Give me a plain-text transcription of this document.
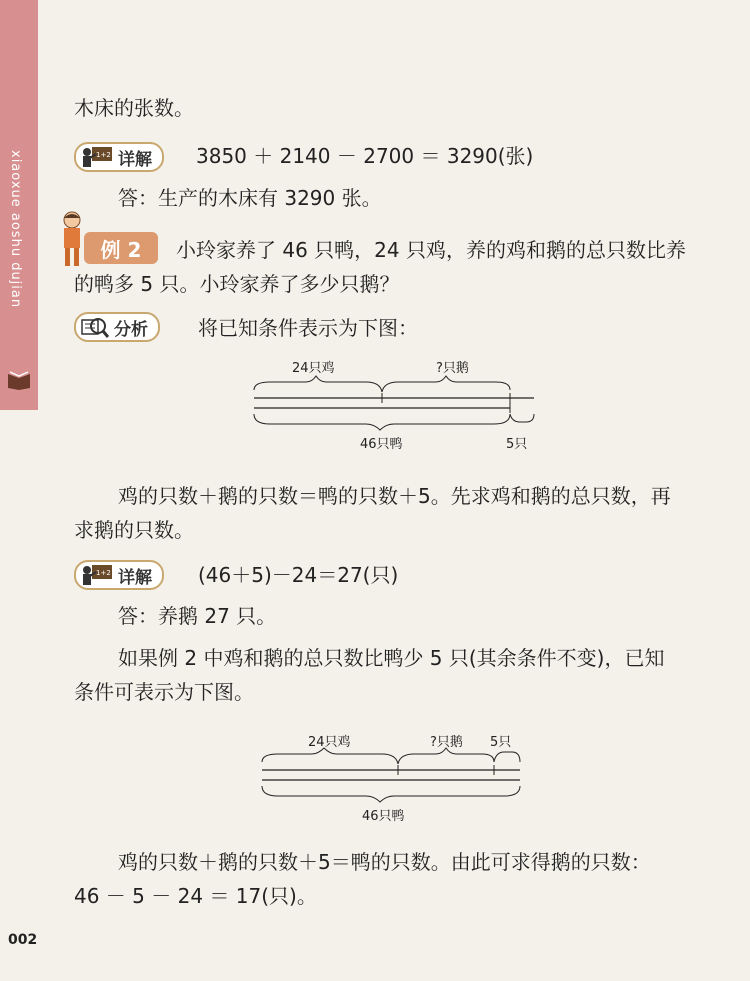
xiaoxue aoshu dujian
木床的张数。
1+2 详解 3850 ＋ 2140 － 2700 ＝ 3290(张)
答：生产的木床有 3290 张。
例 2	小玲家养了 46 只鸭，24 只鸡，养的鸡和鹅的总只数比养
的鸭多 5 只。小玲家养了多少只鹅？
分析	将已知条件表示为下图：
24只鸡	?只鹅
46只鸭	5只
鸡的只数＋鹅的只数＝鸭的只数＋5。先求鸡和鹅的总只数，再
求鹅的只数。
1+2 详解 (46＋5)－24＝27(只)
答：养鹅 27 只。
如果例 2 中鸡和鹅的总只数比鸭少 5 只(其余条件不变)，已知
条件可表示为下图。
24只鸡	?只鹅 5只
46只鸭
鸡的只数＋鹅的只数＋5＝鸭的只数。由此可求得鹅的只数：
46 － 5 － 24 ＝ 17(只)。
002
